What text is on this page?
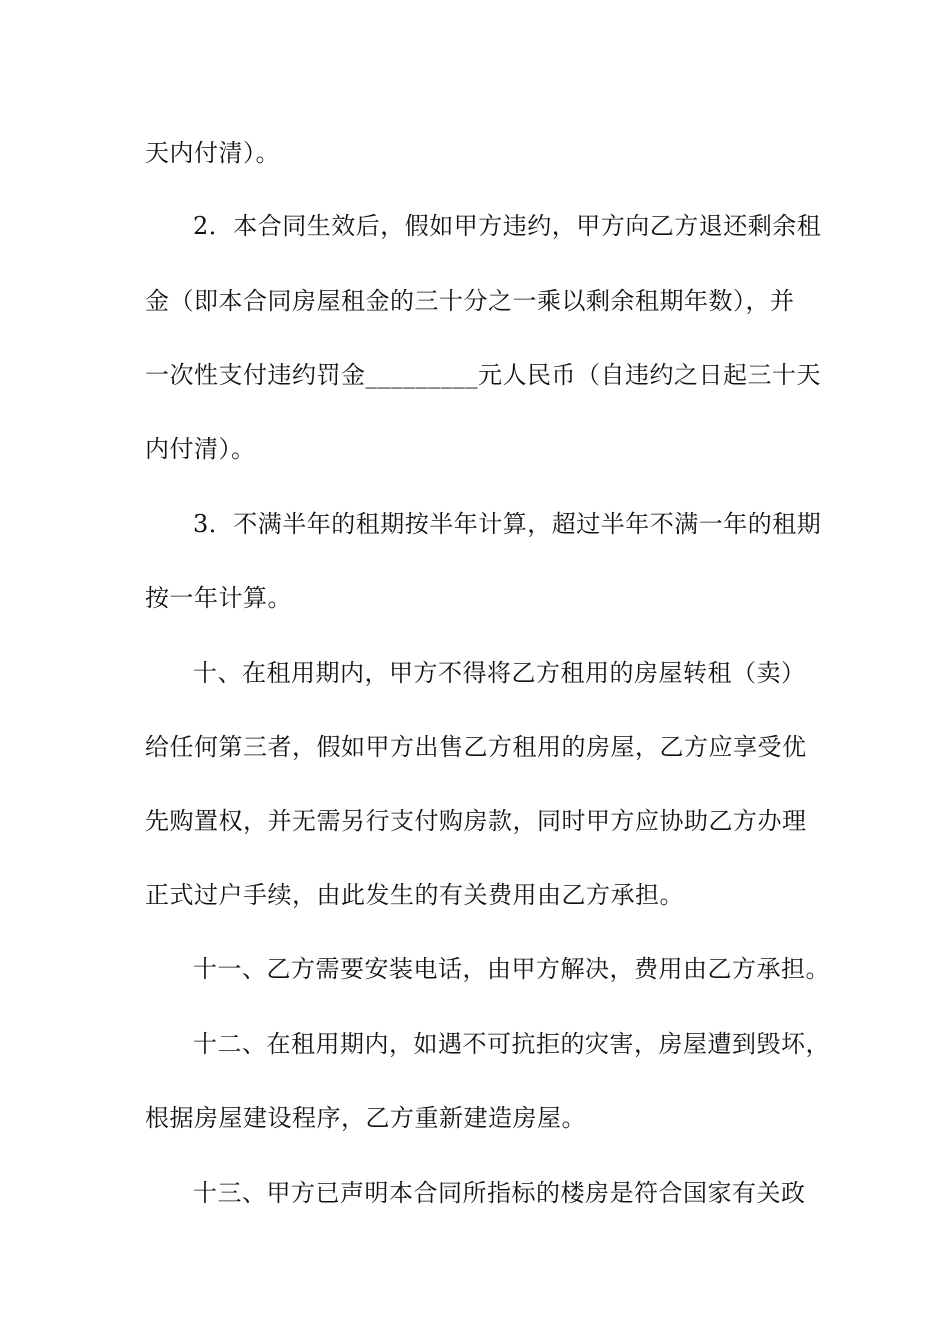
天内付清）。
2．本合同生效后，假如甲方违约，甲方向乙方退还剩余租
金（即本合同房屋租金的三十分之一乘以剩余租期年数），并
一次性支付违约罚金_________元人民币（自违约之日起三十天
内付清）。
3．不满半年的租期按半年计算，超过半年不满一年的租期
按一年计算。
十、在租用期内，甲方不得将乙方租用的房屋转租（卖）
给任何第三者，假如甲方出售乙方租用的房屋，乙方应享受优
先购置权，并无需另行支付购房款，同时甲方应协助乙方办理
正式过户手续，由此发生的有关费用由乙方承担。
十一、乙方需要安装电话，由甲方解决，费用由乙方承担。
十二、在租用期内，如遇不可抗拒的灾害，房屋遭到毁坏，
根据房屋建设程序，乙方重新建造房屋。
十三、甲方已声明本合同所指标的楼房是符合国家有关政
